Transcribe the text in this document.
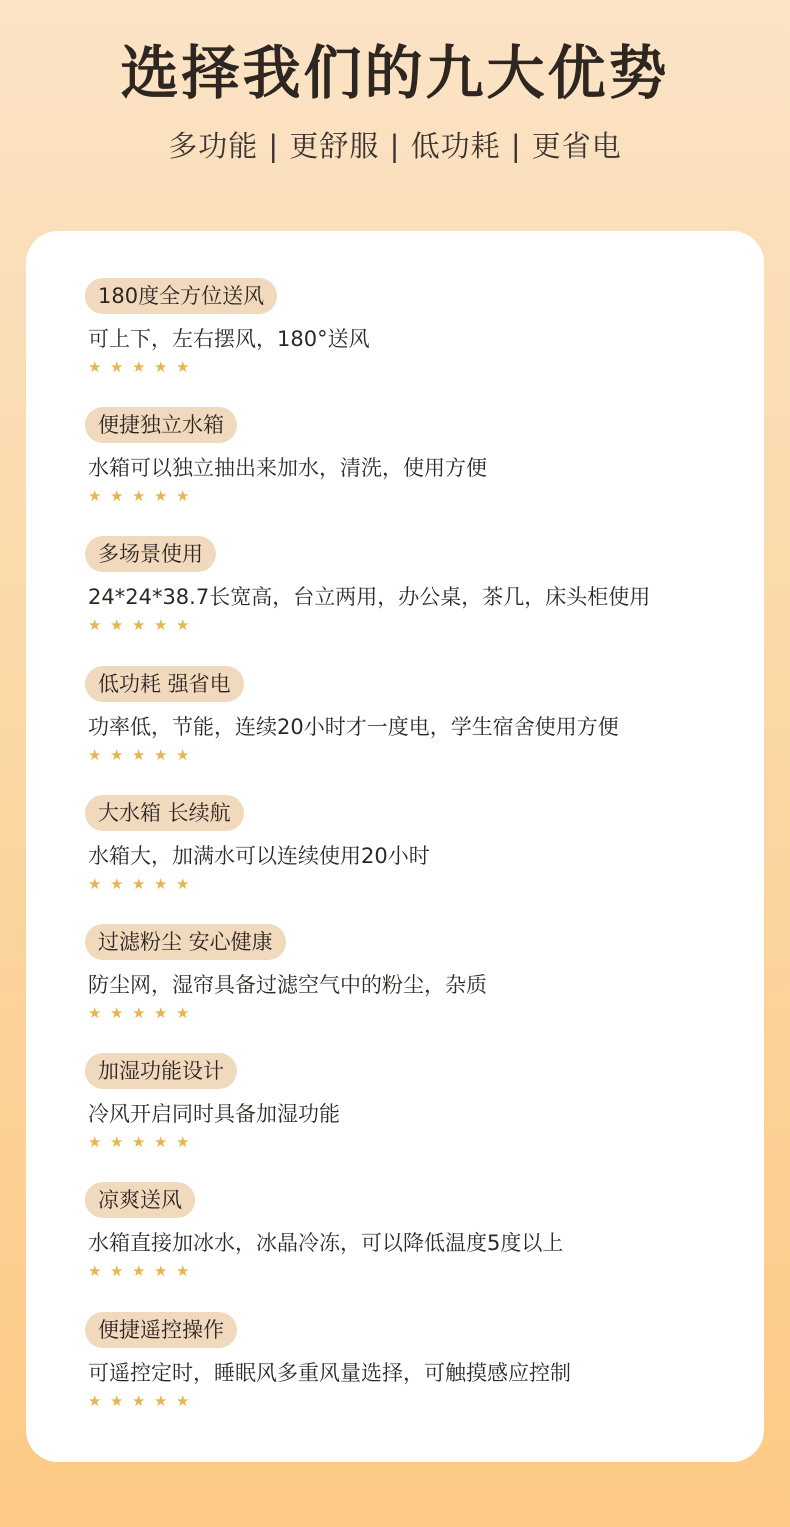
选择我们的九大优势
多功能 | 更舒服 | 低功耗 | 更省电
180度全方位送风
可上下，左右摆风，180°送风
★ ★ ★ ★ ★
便捷独立水箱
水箱可以独立抽出来加水，清洗，使用方便
★ ★ ★ ★ ★
多场景使用
24*24*38.7长宽高，台立两用，办公桌，茶几，床头柜使用
★ ★ ★ ★ ★
低功耗 强省电
功率低，节能，连续20小时才一度电，学生宿舍使用方便
★ ★ ★ ★ ★
大水箱 长续航
水箱大，加满水可以连续使用20小时
★ ★ ★ ★ ★
过滤粉尘 安心健康
防尘网，湿帘具备过滤空气中的粉尘，杂质
★ ★ ★ ★ ★
加湿功能设计
冷风开启同时具备加湿功能
★ ★ ★ ★ ★
凉爽送风
水箱直接加冰水，冰晶冷冻，可以降低温度5度以上
★ ★ ★ ★ ★
便捷遥控操作
可遥控定时，睡眠风多重风量选择，可触摸感应控制
★ ★ ★ ★ ★
